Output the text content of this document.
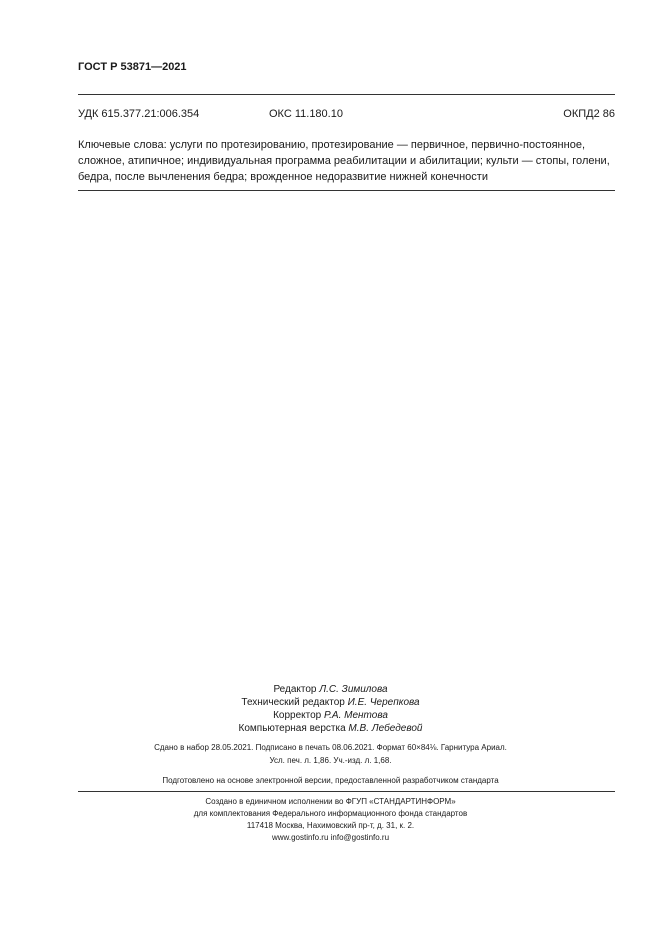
ГОСТ Р 53871—2021
УДК 615.377.21:006.354	ОКС 11.180.10	ОКПД2 86
Ключевые слова: услуги по протезированию, протезирование — первичное, первично-постоянное,
сложное, атипичное; индивидуальная программа реабилитации и абилитации; культи — стопы, голени,
бедра, после вычленения бедра; врожденное недоразвитие нижней конечности
Редактор Л.С. Зимилова
Технический редактор И.Е. Черепкова
Корректор Р.А. Ментова
Компьютерная верстка М.В. Лебедевой
Сдано в набор 28.05.2021. Подписано в печать 08.06.2021. Формат 60×84⅛. Гарнитура Ариал.
Усл. печ. л. 1,86. Уч.-изд. л. 1,68.
Подготовлено на основе электронной версии, предоставленной разработчиком стандарта
Создано в единичном исполнении во ФГУП «СТАНДАРТИНФОРМ»
для комплектования Федерального информационного фонда стандартов
117418 Москва, Нахимовский пр-т, д. 31, к. 2.
www.gostinfo.ru info@gostinfo.ru
